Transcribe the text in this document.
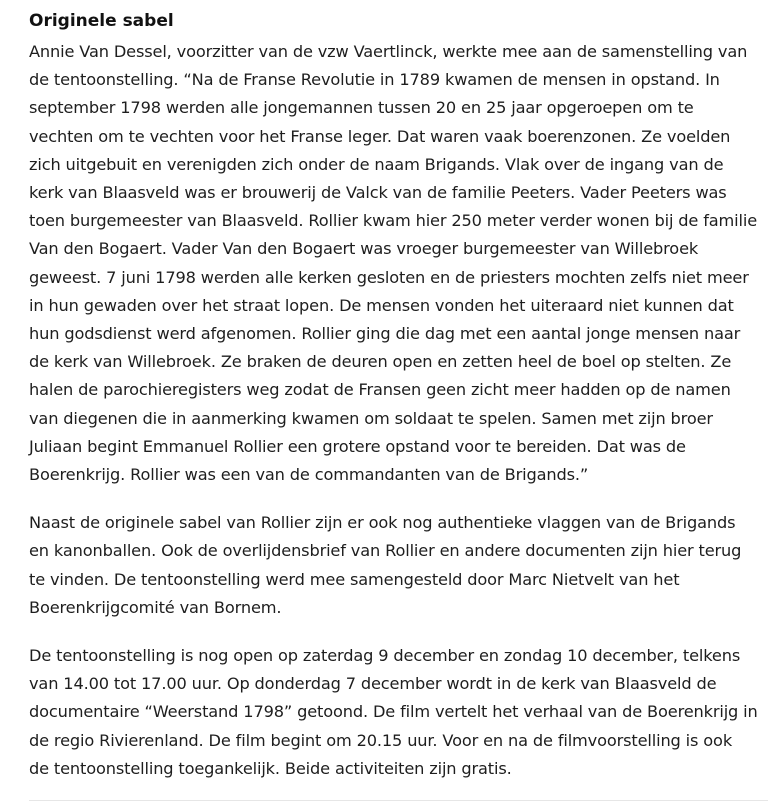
Originele sabel

Annie Van Dessel, voorzitter van de vzw Vaertlinck, werkte mee aan de samenstelling van
de tentoonstelling. “Na de Franse Revolutie in 1789 kwamen de mensen in opstand. In
september 1798 werden alle jongemannen tussen 20 en 25 jaar opgeroepen om te
vechten om te vechten voor het Franse leger. Dat waren vaak boerenzonen. Ze voelden
zich uitgebuit en verenigden zich onder de naam Brigands. Vlak over de ingang van de
kerk van Blaasveld was er brouwerij de Valck van de familie Peeters. Vader Peeters was
toen burgemeester van Blaasveld. Rollier kwam hier 250 meter verder wonen bij de familie
Van den Bogaert. Vader Van den Bogaert was vroeger burgemeester van Willebroek
geweest. 7 juni 1798 werden alle kerken gesloten en de priesters mochten zelfs niet meer
in hun gewaden over het straat lopen. De mensen vonden het uiteraard niet kunnen dat
hun godsdienst werd afgenomen. Rollier ging die dag met een aantal jonge mensen naar
de kerk van Willebroek. Ze braken de deuren open en zetten heel de boel op stelten. Ze
halen de parochieregisters weg zodat de Fransen geen zicht meer hadden op de namen
van diegenen die in aanmerking kwamen om soldaat te spelen. Samen met zijn broer
Juliaan begint Emmanuel Rollier een grotere opstand voor te bereiden. Dat was de
Boerenkrijg. Rollier was een van de commandanten van de Brigands.”

Naast de originele sabel van Rollier zijn er ook nog authentieke vlaggen van de Brigands
en kanonballen. Ook de overlijdensbrief van Rollier en andere documenten zijn hier terug
te vinden. De tentoonstelling werd mee samengesteld door Marc Nietvelt van het
Boerenkrijgcomité van Bornem.

De tentoonstelling is nog open op zaterdag 9 december en zondag 10 december, telkens
van 14.00 tot 17.00 uur. Op donderdag 7 december wordt in de kerk van Blaasveld de
documentaire “Weerstand 1798” getoond. De film vertelt het verhaal van de Boerenkrijg in
de regio Rivierenland. De film begint om 20.15 uur. Voor en na de filmvoorstelling is ook
de tentoonstelling toegankelijk. Beide activiteiten zijn gratis.
